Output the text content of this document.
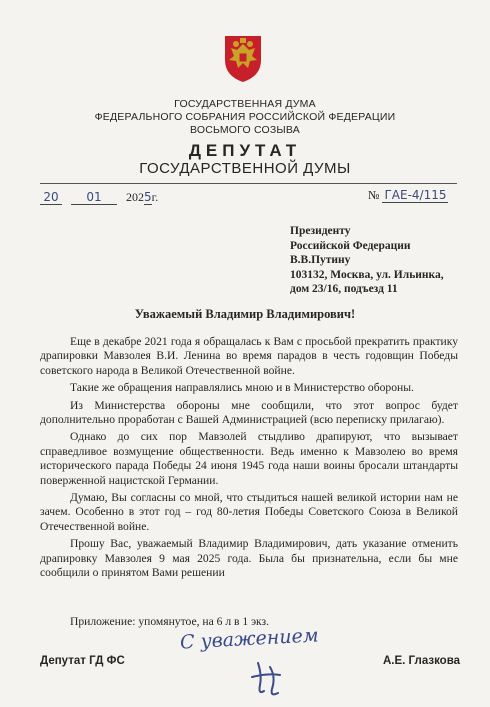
ГОСУДАРСТВЕННАЯ ДУМА
ФЕДЕРАЛЬНОГО СОБРАНИЯ РОССИЙСКОЙ ФЕДЕРАЦИИ
ВОСЬМОГО СОЗЫВА
ДЕПУТАТ
ГОСУДАРСТВЕННОЙ ДУМЫ
20 01 2025г.	№ ГАЕ-4/115
Президенту
Российской Федерации
В.В.Путину
103132, Москва, ул. Ильинка,
дом 23/16, подъезд 11
Уважаемый Владимир Владимирович!

Еще в декабре 2021 года я обращалась к Вам с просьбой прекратить практику драпировки Мавзолея В.И. Ленина во время парадов в честь годовщин Победы советского народа в Великой Отечественной войне.

Такие же обращения направлялись мною и в Министерство обороны.

Из Министерства обороны мне сообщили, что этот вопрос будет дополнительно проработан с Вашей Администрацией (всю переписку прилагаю).

Однако до сих пор Мавзолей стыдливо драпируют, что вызывает справедливое возмущение общественности. Ведь именно к Мавзолею во время исторического парада Победы 24 июня 1945 года наши воины бросали штандарты поверженной нацистской Германии.

Думаю, Вы согласны со мной, что стыдиться нашей великой истории нам не зачем. Особенно в этот год – год 80-летия Победы Советского Союза в Великой Отечественной войне.

Прошу Вас, уважаемый Владимир Владимирович, дать указание отменить драпировку Мавзолея 9 мая 2025 года. Была бы признательна, если бы мне сообщили о принятом Вами решении

Приложение: упомянутое, на 6 л в 1 экз.
С уважением
Депутат ГД ФС	А.Е. Глазкова
